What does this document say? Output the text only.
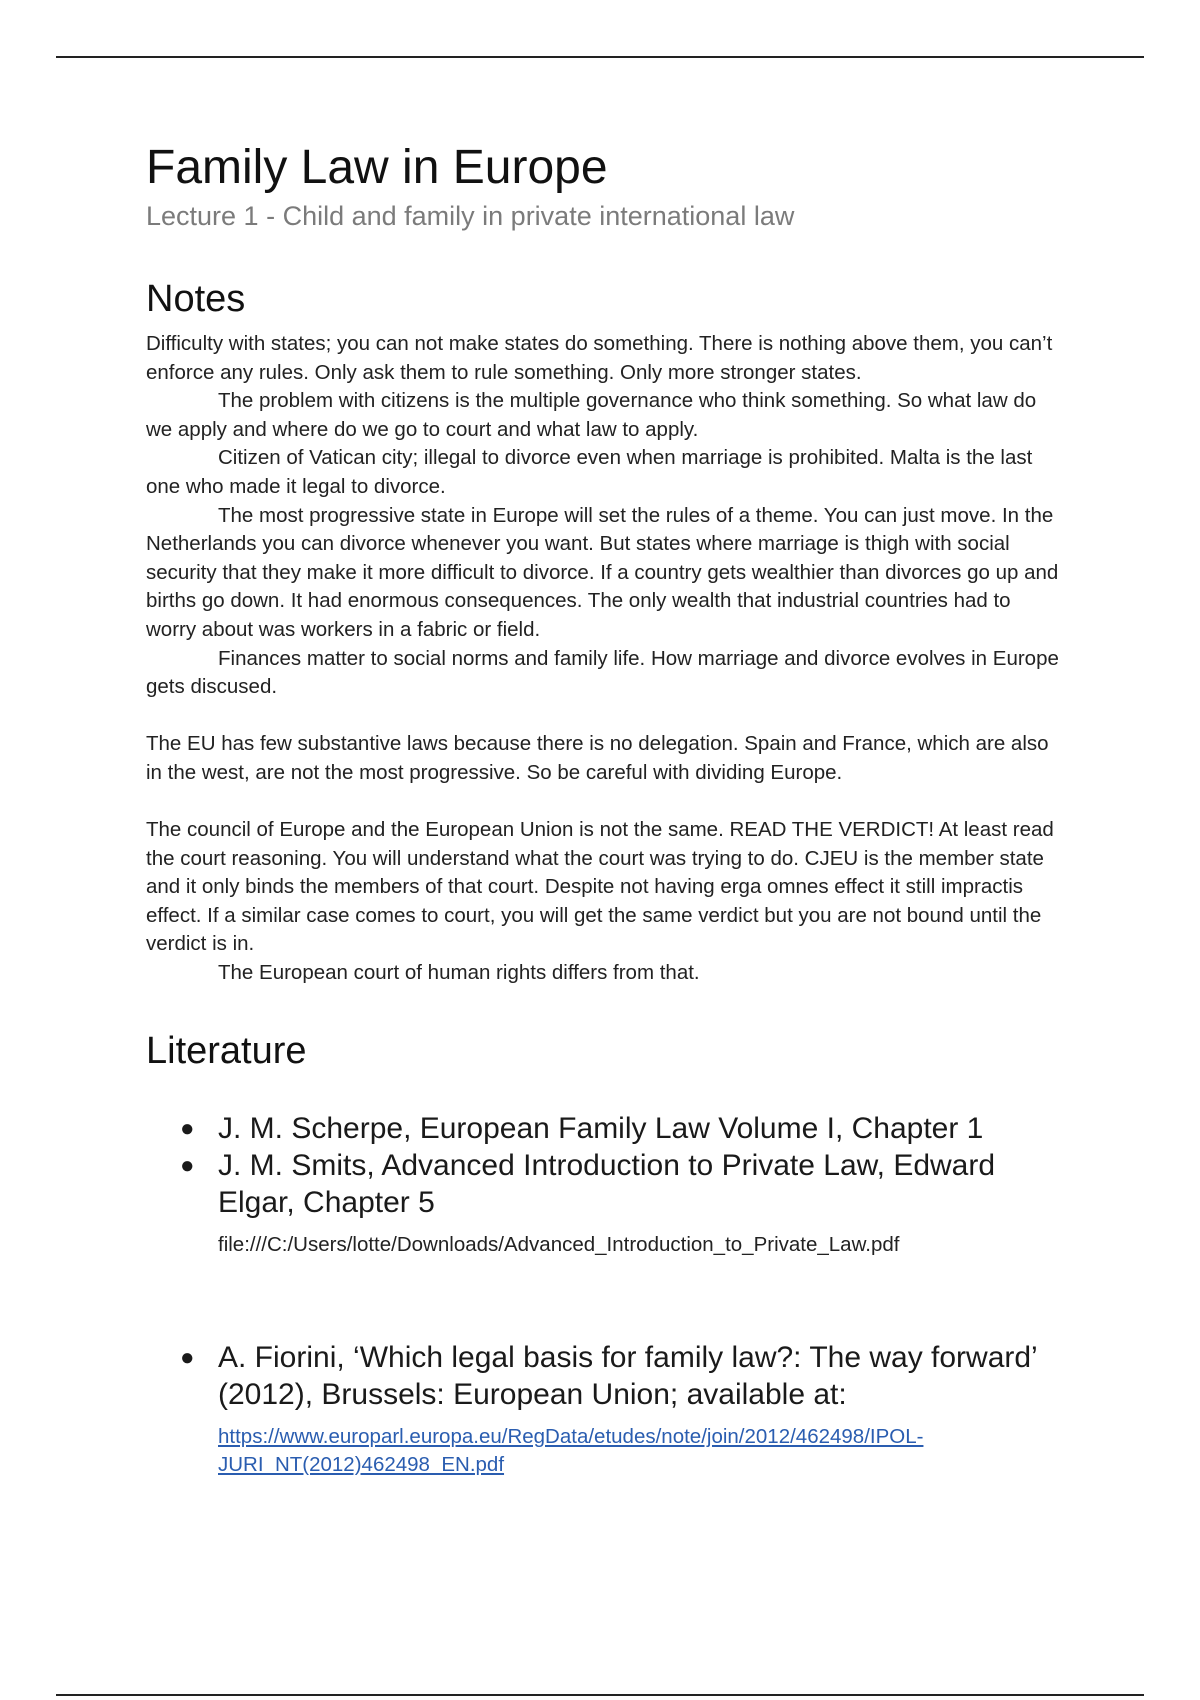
Family Law in Europe
Lecture 1 - Child and family in private international law
Notes

Difficulty with states; you can not make states do something. There is nothing above them, you can’t enforce any rules. Only ask them to rule something. Only more stronger states.

The problem with citizens is the multiple governance who think something. So what law do we apply and where do we go to court and what law to apply.

Citizen of Vatican city; illegal to divorce even when marriage is prohibited. Malta is the last one who made it legal to divorce.

The most progressive state in Europe will set the rules of a theme. You can just move. In the Netherlands you can divorce whenever you want. But states where marriage is thigh with social security that they make it more difficult to divorce. If a country gets wealthier than divorces go up and births go down. It had enormous consequences. The only wealth that industrial countries had to worry about was workers in a fabric or field.

Finances matter to social norms and family life. How marriage and divorce evolves in Europe gets discused.

The EU has few substantive laws because there is no delegation. Spain and France, which are also in the west, are not the most progressive. So be careful with dividing Europe.

The council of Europe and the European Union is not the same. READ THE VERDICT! At least read the court reasoning. You will understand what the court was trying to do. CJEU is the member state and it only binds the members of that court. Despite not having erga omnes effect it still impractis effect. If a similar case comes to court, you will get the same verdict but you are not bound until the verdict is in.

The European court of human rights differs from that.

Literature
● J. M. Scherpe, European Family Law Volume I, Chapter 1
● J. M. Smits, Advanced Introduction to Private Law, Edward Elgar, Chapter 5
file:///C:/Users/lotte/Downloads/Advanced_Introduction_to_Private_Law.pdf
● A. Fiorini, ‘Which legal basis for family law?: The way forward’ (2012), Brussels: European Union; available at:
https://www.europarl.europa.eu/RegData/etudes/note/join/2012/462498/IPOL-JURI_NT(2012)462498_EN.pdf
